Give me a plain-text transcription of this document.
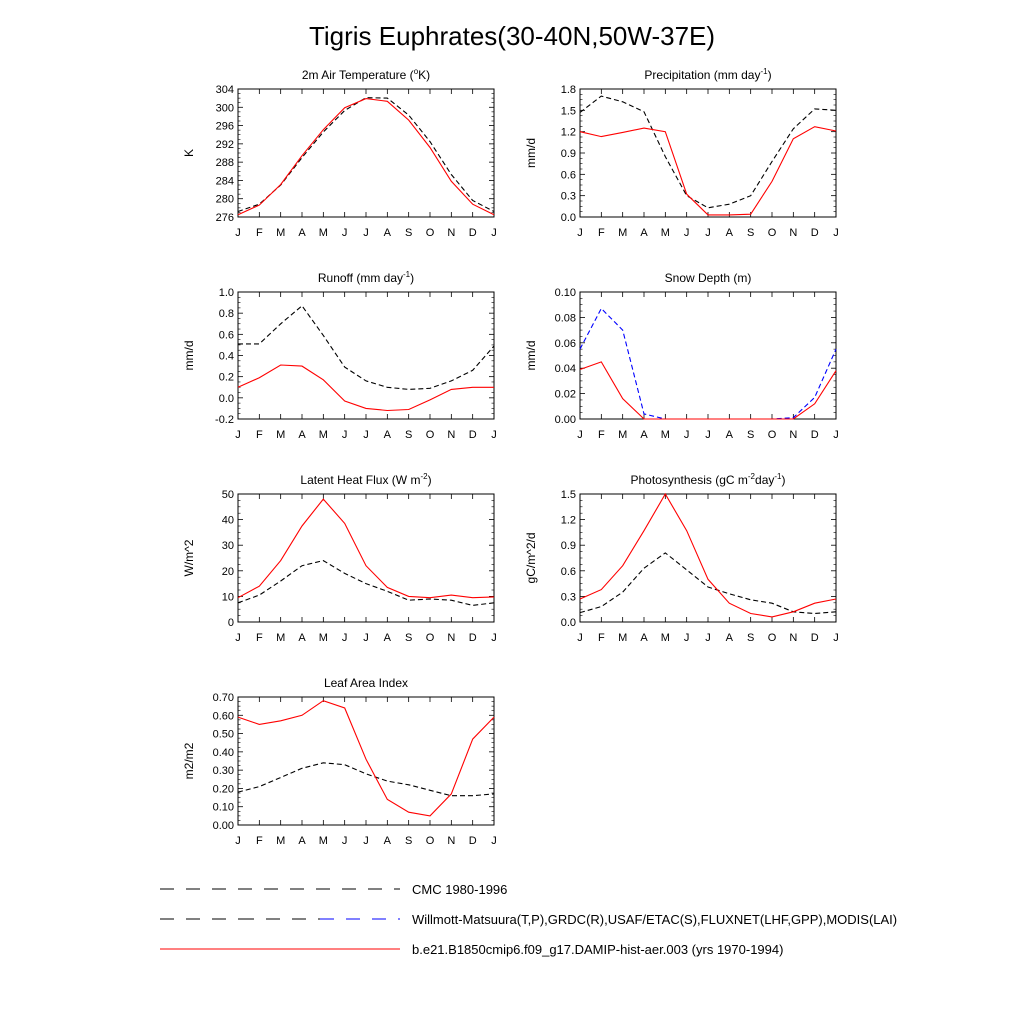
Tigris Euphrates(30-40N,50W-37E)
2m Air Temperature ($^o$K)
J F M A M J J A S O N D J
276
280
284
288
292
296
300
304
K
Precipitation (mm day$^{-1}$)
J F M A M J J A S O N D J
0.0
0.3
0.6
0.9
1.2
1.5
1.8
mm/d
Runoff (mm day$^{-1}$)
J F M A M J J A S O N D J
-0.2
0.0
0.2
0.4
0.6
0.8
1.0
mm/d
Snow Depth (m)
J F M A M J J A S O N D J
0.00
0.02
0.04
0.06
0.08
0.10
mm/d
Latent Heat Flux (W $m^{-2}$)
J F M A M J J A S O N D J
0
10
20
30
40
50
W/m^2
Photosynthesis (gC $m^{-2}day^{-1}$)
J F M A M J J A S O N D J
0.0
0.3
0.6
0.9
1.2
1.5
gC/m^2/d
Leaf Area Index
J F M A M J J A S O N D J
0.00
0.10
0.20
0.30
0.40
0.50
0.60
0.70
m2/m2
CMC 1980-1996
Willmott-Matsuura(T,P),GRDC(R),USAF/ETAC(S),FLUXNET(LHF,GPP),MODIS(LAI)
b.e21.B1850cmip6.f09_g17.DAMIP-hist-aer.003 (yrs 1970-1994)
